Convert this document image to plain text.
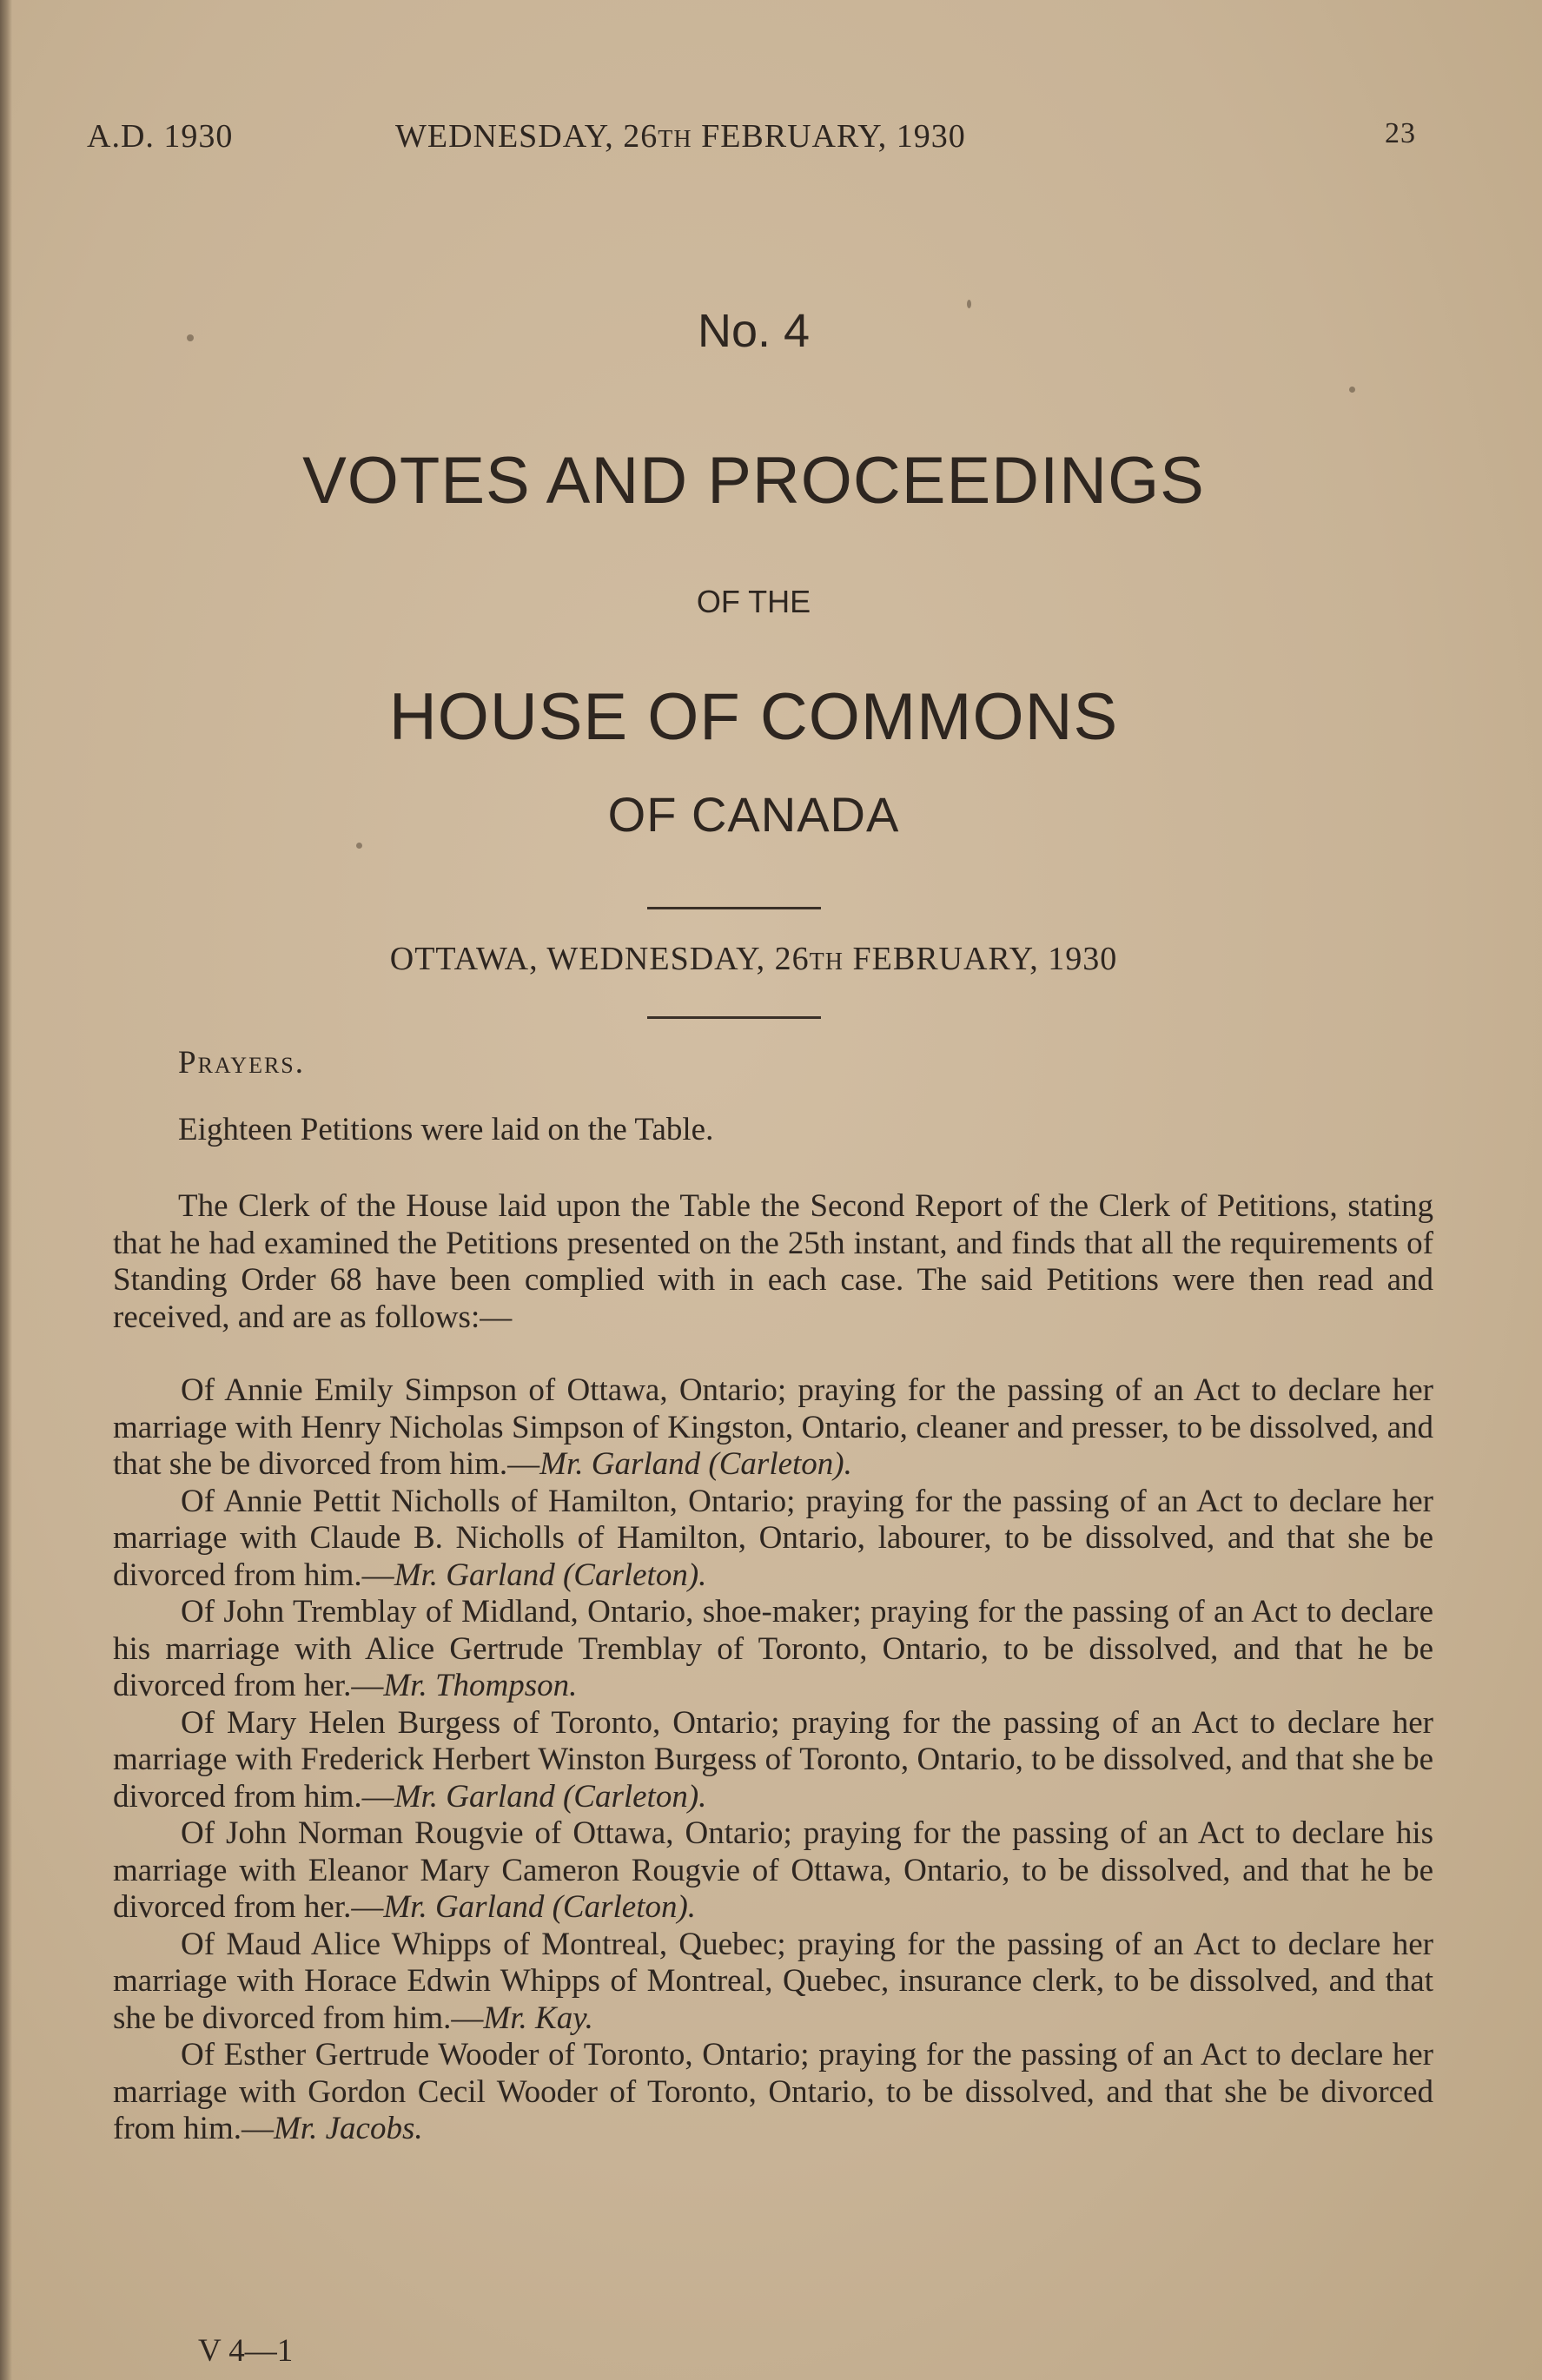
A.D. 1930	WEDNESDAY, 26TH FEBRUARY, 1930	23
No. 4
VOTES AND PROCEEDINGS
OF THE
HOUSE OF COMMONS
OF CANADA
OTTAWA, WEDNESDAY, 26TH FEBRUARY, 1930
Prayers.
Eighteen Petitions were laid on the Table.
The Clerk of the House laid upon the Table the Second Report of the Clerk of Petitions, stating that he had examined the Petitions presented on the 25th instant, and finds that all the requirements of Standing Order 68 have been complied with in each case. The said Petitions were then read and received, and are as follows:—

Of Annie Emily Simpson of Ottawa, Ontario; praying for the passing of an Act to declare her marriage with Henry Nicholas Simpson of Kingston, Ontario, cleaner and presser, to be dissolved, and that she be divorced from him.—Mr. Garland (Carleton).

Of Annie Pettit Nicholls of Hamilton, Ontario; praying for the passing of an Act to declare her marriage with Claude B. Nicholls of Hamilton, Ontario, labourer, to be dissolved, and that she be divorced from him.—Mr. Garland (Carleton).

Of John Tremblay of Midland, Ontario, shoe-maker; praying for the passing of an Act to declare his marriage with Alice Gertrude Tremblay of Toronto, Ontario, to be dissolved, and that he be divorced from her.—Mr. Thompson.

Of Mary Helen Burgess of Toronto, Ontario; praying for the passing of an Act to declare her marriage with Frederick Herbert Winston Burgess of Toronto, Ontario, to be dissolved, and that she be divorced from him.—Mr. Garland (Carleton).

Of John Norman Rougvie of Ottawa, Ontario; praying for the passing of an Act to declare his marriage with Eleanor Mary Cameron Rougvie of Ottawa, Ontario, to be dissolved, and that he be divorced from her.—Mr. Garland (Carleton).

Of Maud Alice Whipps of Montreal, Quebec; praying for the passing of an Act to declare her marriage with Horace Edwin Whipps of Montreal, Quebec, insurance clerk, to be dissolved, and that she be divorced from him.—Mr. Kay.

Of Esther Gertrude Wooder of Toronto, Ontario; praying for the passing of an Act to declare her marriage with Gordon Cecil Wooder of Toronto, Ontario, to be dissolved, and that she be divorced from him.—Mr. Jacobs.

V 4—1
